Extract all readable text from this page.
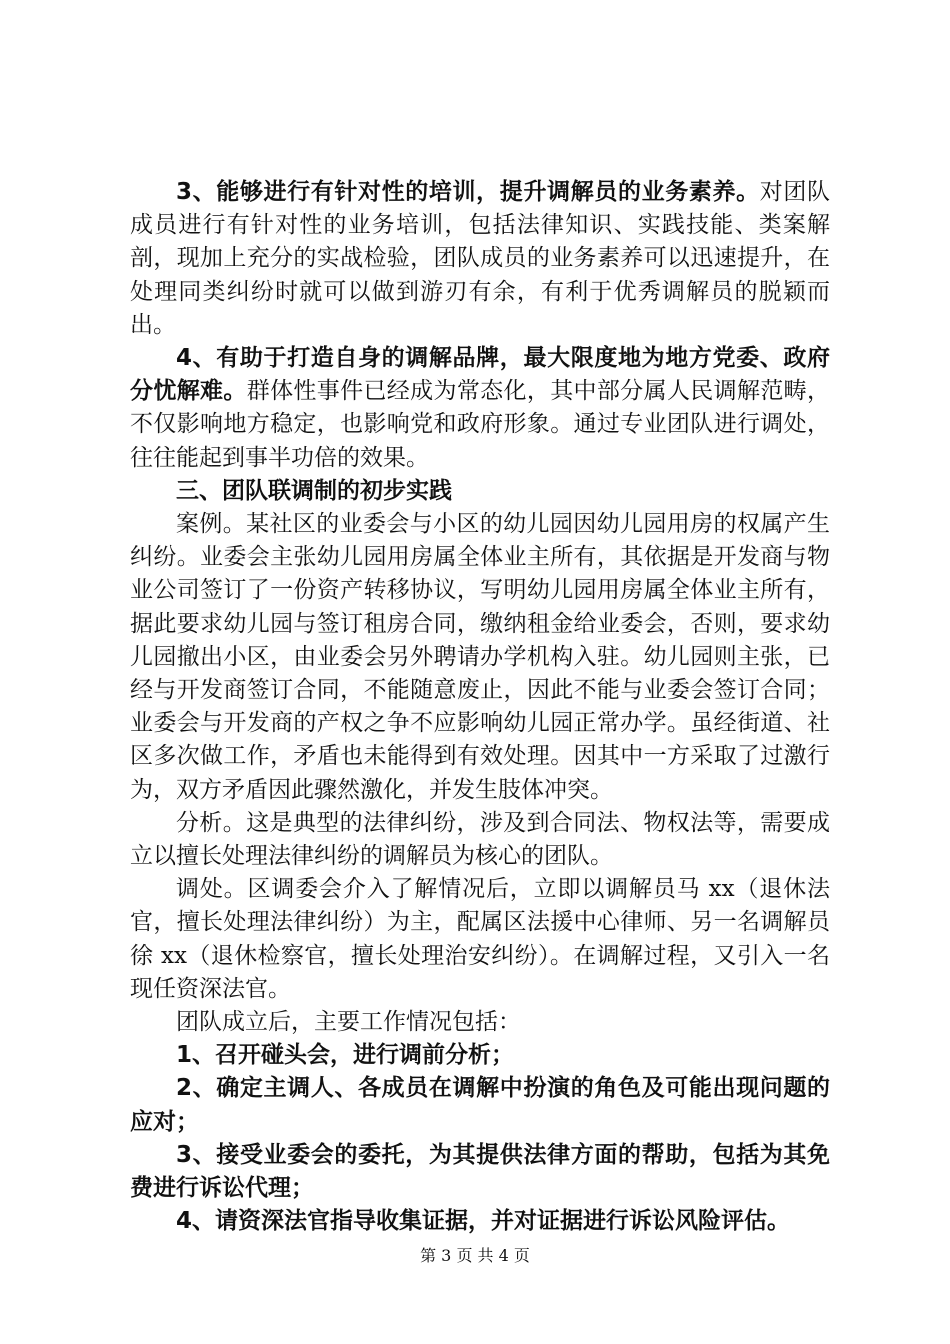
3、能够进行有针对性的培训，提升调解员的业务素养。对团队成员进行有针对性的业务培训，包括法律知识、实践技能、类案解剖，现加上充分的实战检验，团队成员的业务素养可以迅速提升，在处理同类纠纷时就可以做到游刃有余，有利于优秀调解员的脱颖而出。

4、有助于打造自身的调解品牌，最大限度地为地方党委、政府分忧解难。群体性事件已经成为常态化，其中部分属人民调解范畴，不仅影响地方稳定，也影响党和政府形象。通过专业团队进行调处，往往能起到事半功倍的效果。

三、团队联调制的初步实践

案例。某社区的业委会与小区的幼儿园因幼儿园用房的权属产生纠纷。业委会主张幼儿园用房属全体业主所有，其依据是开发商与物业公司签订了一份资产转移协议，写明幼儿园用房属全体业主所有，据此要求幼儿园与签订租房合同，缴纳租金给业委会，否则，要求幼儿园撤出小区，由业委会另外聘请办学机构入驻。幼儿园则主张，已经与开发商签订合同，不能随意废止，因此不能与业委会签订合同；业委会与开发商的产权之争不应影响幼儿园正常办学。虽经街道、社区多次做工作，矛盾也未能得到有效处理。因其中一方采取了过激行为，双方矛盾因此骤然激化，并发生肢体冲突。

分析。这是典型的法律纠纷，涉及到合同法、物权法等，需要成立以擅长处理法律纠纷的调解员为核心的团队。

调处。区调委会介入了解情况后，立即以调解员马 xx（退休法官，擅长处理法律纠纷）为主，配属区法援中心律师、另一名调解员徐 xx（退休检察官，擅长处理治安纠纷）。在调解过程，又引入一名现任资深法官。

团队成立后，主要工作情况包括：

1、召开碰头会，进行调前分析；

2、确定主调人、各成员在调解中扮演的角色及可能出现问题的应对；

3、接受业委会的委托，为其提供法律方面的帮助，包括为其免费进行诉讼代理；

4、请资深法官指导收集证据，并对证据进行诉讼风险评估。

第 3 页 共 4 页
